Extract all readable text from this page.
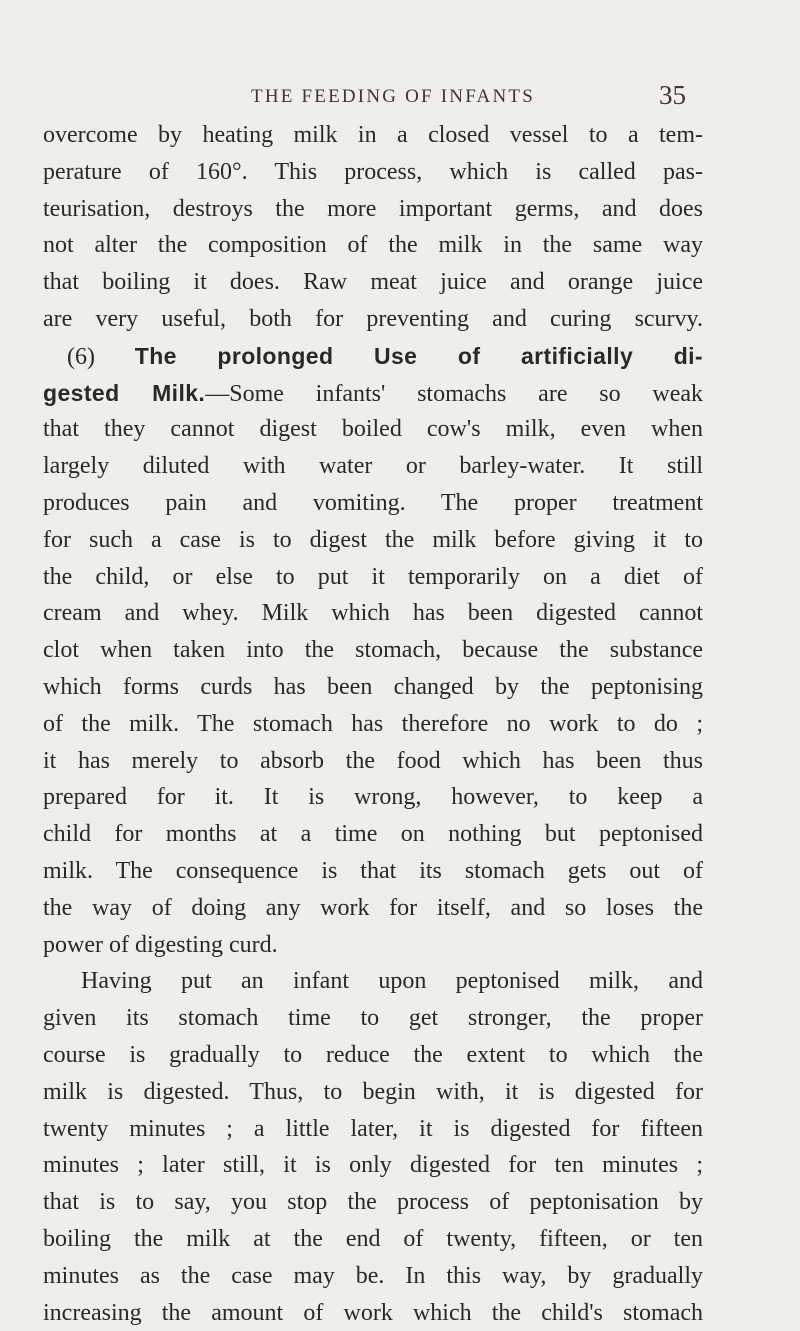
THE FEEDING OF INFANTS	35
overcome by heating milk in a closed vessel to a tem-
perature of 160°. This process, which is called pas-
teurisation, destroys the more important germs, and does
not alter the composition of the milk in the same way
that boiling it does. Raw meat juice and orange juice
are very useful, both for preventing and curing scurvy.
(6) The prolonged Use of artificially di-
gested Milk.—Some infants' stomachs are so weak
that they cannot digest boiled cow's milk, even when
largely diluted with water or barley-water. It still
produces pain and vomiting. The proper treatment
for such a case is to digest the milk before giving it to
the child, or else to put it temporarily on a diet of
cream and whey. Milk which has been digested cannot
clot when taken into the stomach, because the substance
which forms curds has been changed by the peptonising
of the milk. The stomach has therefore no work to do ;
it has merely to absorb the food which has been thus
prepared for it. It is wrong, however, to keep a
child for months at a time on nothing but peptonised
milk. The consequence is that its stomach gets out of
the way of doing any work for itself, and so loses the
power of digesting curd.
Having put an infant upon peptonised milk, and
given its stomach time to get stronger, the proper
course is gradually to reduce the extent to which the
milk is digested. Thus, to begin with, it is digested for
twenty minutes ; a little later, it is digested for fifteen
minutes ; later still, it is only digested for ten minutes ;
that is to say, you stop the process of peptonisation by
boiling the milk at the end of twenty, fifteen, or ten
minutes as the case may be. In this way, by gradually
increasing the amount of work which the child's stomach
